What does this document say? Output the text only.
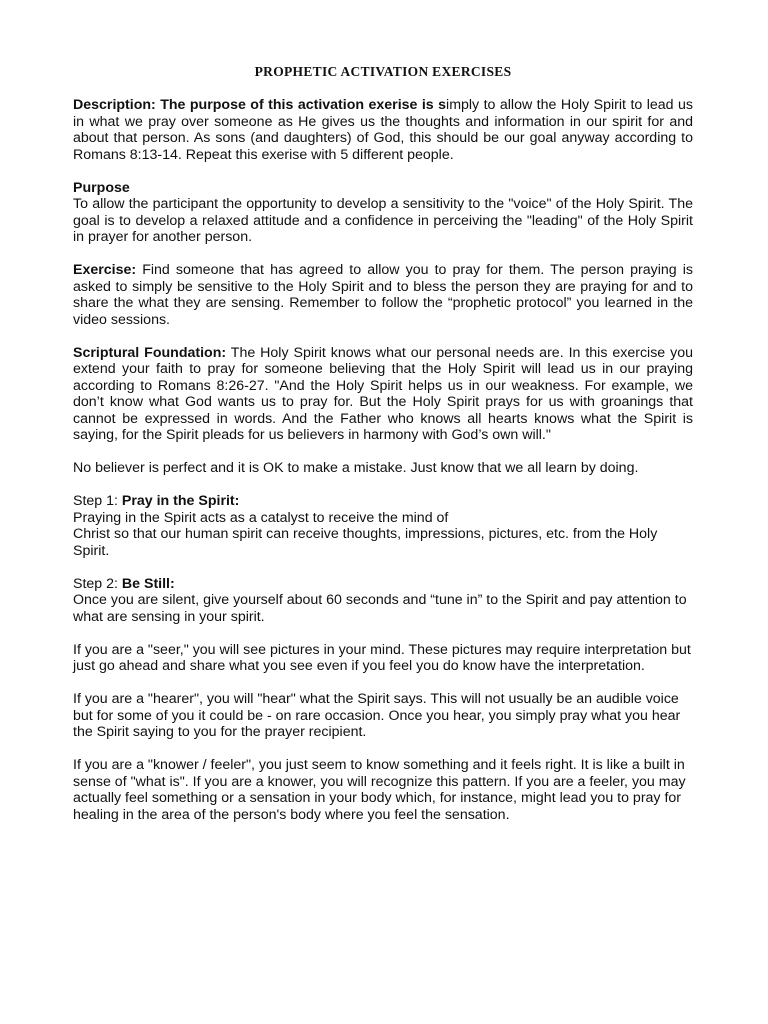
PROPHETIC ACTIVATION EXERCISES

Description: The purpose of this activation exerise is simply to allow the Holy Spirit to lead us in what we pray over someone as He gives us the thoughts and information in our spirit for and about that person. As sons (and daughters) of God, this should be our goal anyway according to Romans 8:13-14. Repeat this exerise with 5 different people.

Purpose
To allow the participant the opportunity to develop a sensitivity to the "voice" of the Holy Spirit. The goal is to develop a relaxed attitude and a confidence in perceiving the "leading" of the Holy Spirit in prayer for another person.

Exercise: Find someone that has agreed to allow you to pray for them. The person praying is asked to simply be sensitive to the Holy Spirit and to bless the person they are praying for and to share the what they are sensing. Remember to follow the “prophetic protocol” you learned in the video sessions.

Scriptural Foundation: The Holy Spirit knows what our personal needs are. In this exercise you extend your faith to pray for someone believing that the Holy Spirit will lead us in our praying according to Romans 8:26-27. "And the Holy Spirit helps us in our weakness. For example, we don’t know what God wants us to pray for. But the Holy Spirit prays for us with groanings that cannot be expressed in words. And the Father who knows all hearts knows what the Spirit is saying, for the Spirit pleads for us believers in harmony with God’s own will."

No believer is perfect and it is OK to make a mistake. Just know that we all learn by doing.

Step 1: Pray in the Spirit:
Praying in the Spirit acts as a catalyst to receive the mind of
Christ so that our human spirit can receive thoughts, impressions, pictures, etc. from the Holy Spirit.

Step 2: Be Still:
Once you are silent, give yourself about 60 seconds and “tune in” to the Spirit and pay attention to what are sensing in your spirit.

If you are a "seer," you will see pictures in your mind. These pictures may require interpretation but just go ahead and share what you see even if you feel you do know have the interpretation.

If you are a "hearer", you will "hear" what the Spirit says. This will not usually be an audible voice but for some of you it could be - on rare occasion. Once you hear, you simply pray what you hear the Spirit saying to you for the prayer recipient.

If you are a "knower / feeler", you just seem to know something and it feels right. It is like a built in sense of "what is". If you are a knower, you will recognize this pattern. If you are a feeler, you may actually feel something or a sensation in your body which, for instance, might lead you to pray for healing in the area of the person's body where you feel the sensation.
